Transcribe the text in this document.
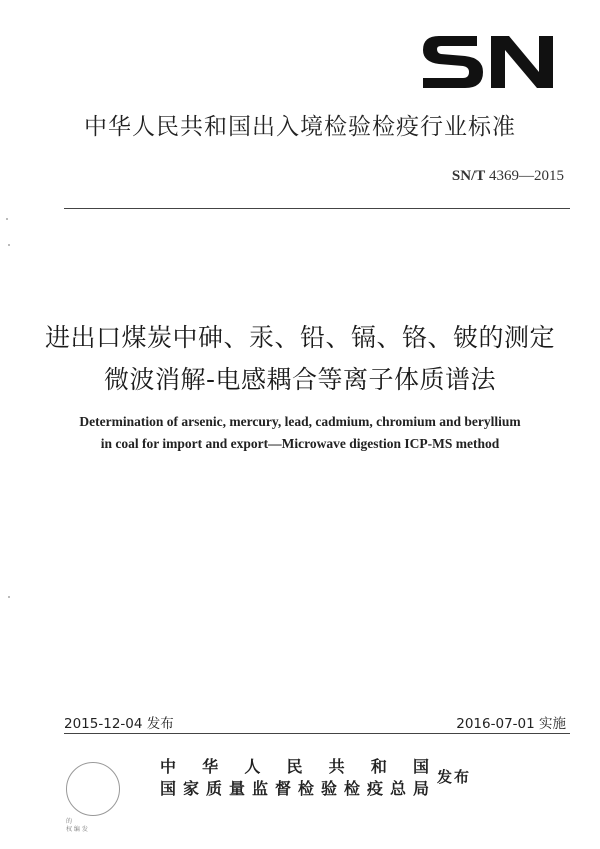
中华人民共和国出入境检验检疫行业标准
SN/T 4369—2015
进出口煤炭中砷、汞、铅、镉、铬、铍的测定
微波消解-电感耦合等离子体质谱法
Determination of arsenic, mercury, lead, cadmium, chromium and beryllium
in coal for import and export—Microwave digestion ICP-MS method
2015-12-04 发布	2016-07-01 实施
中华人民共和国
国家质量监督检验检疫总局
发布
的
权 编 发
